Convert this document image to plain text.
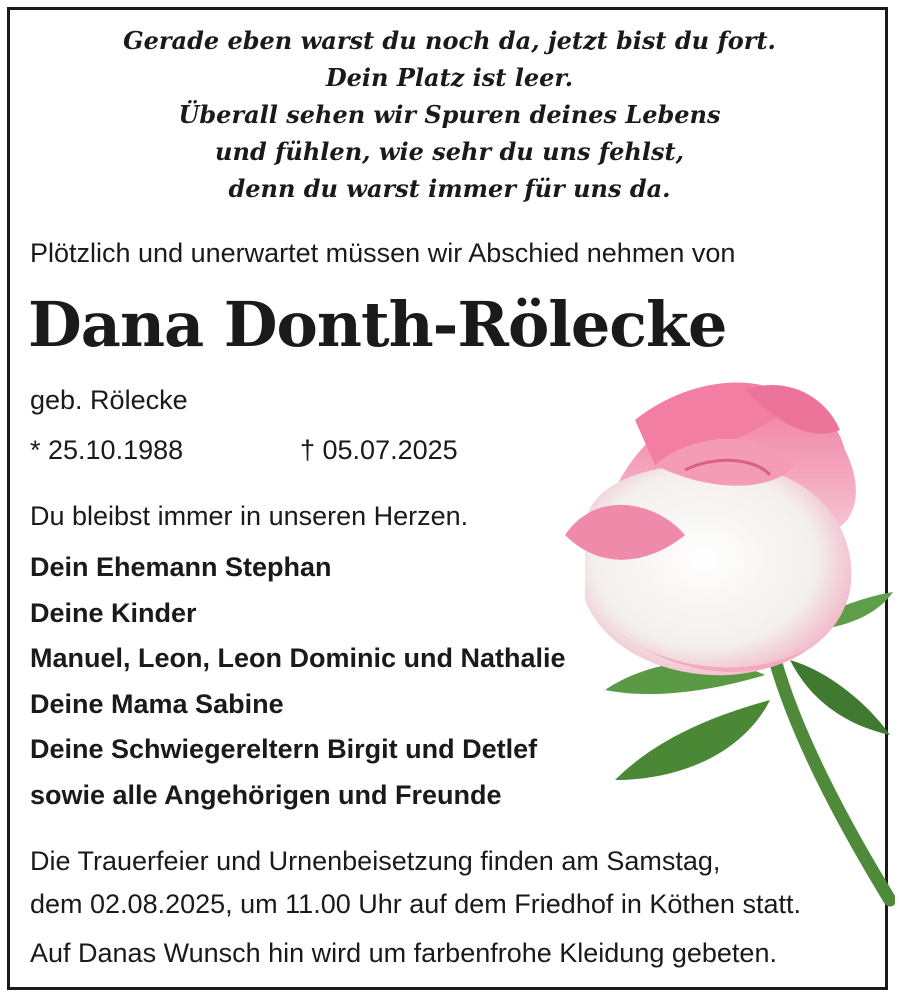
Gerade eben warst du noch da, jetzt bist du fort.
Dein Platz ist leer.
Überall sehen wir Spuren deines Lebens
und fühlen, wie sehr du uns fehlst,
denn du warst immer für uns da.
Plötzlich und unerwartet müssen wir Abschied nehmen von
Dana Donth-Rölecke
geb. Rölecke
* 25.10.1988	† 05.07.2025
Du bleibst immer in unseren Herzen.
Dein Ehemann Stephan
Deine Kinder
Manuel, Leon, Leon Dominic und Nathalie
Deine Mama Sabine
Deine Schwiegereltern Birgit und Detlef
sowie alle Angehörigen und Freunde
Die Trauerfeier und Urnenbeisetzung finden am Samstag,
dem 02.08.2025, um 11.00 Uhr auf dem Friedhof in Köthen statt.
Auf Danas Wunsch hin wird um farbenfrohe Kleidung gebeten.
